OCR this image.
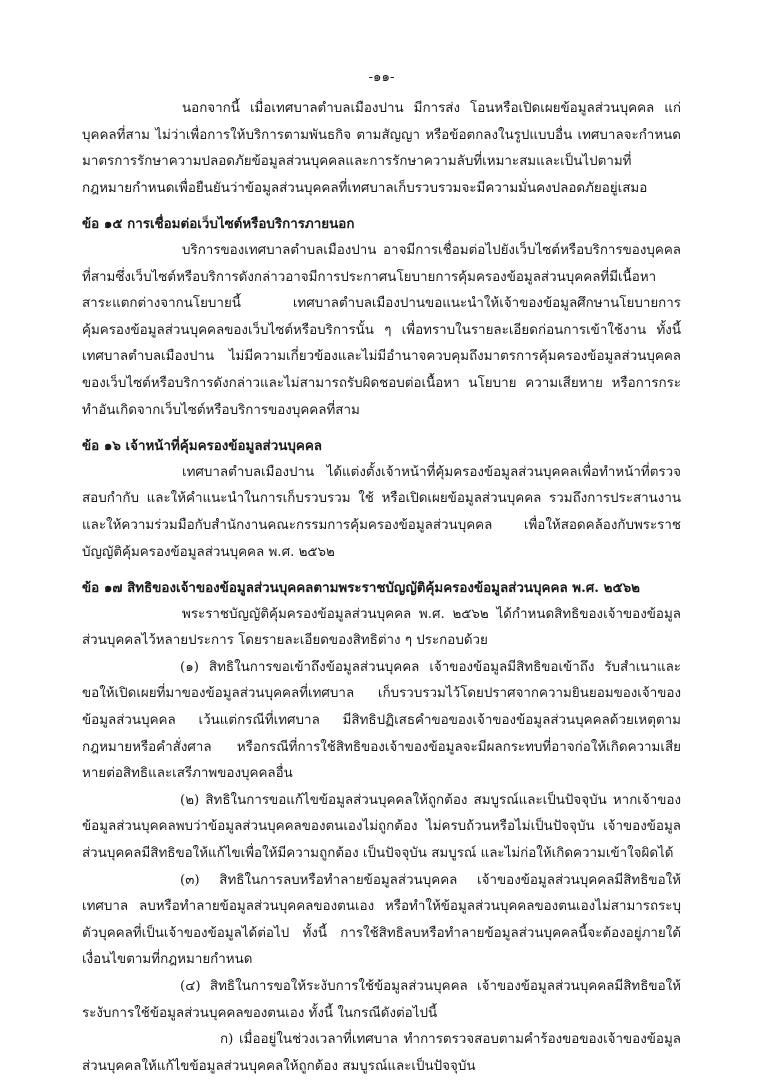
-๑๑-

นอกจากนี้ เมื่อเทศบาลตำบลเมืองปาน มีการส่ง โอนหรือเปิดเผยข้อมูลส่วนบุคคล แก่บุคคลที่สาม ไม่ว่าเพื่อการให้บริการตามพันธกิจ ตามสัญญา หรือข้อตกลงในรูปแบบอื่น เทศบาลจะกำหนดมาตรการรักษาความปลอดภัยข้อมูลส่วนบุคคลและการรักษาความลับที่เหมาะสมและเป็นไปตามที่กฎหมายกำหนดเพื่อยืนยันว่าข้อมูลส่วนบุคคลที่เทศบาลเก็บรวบรวมจะมีความมั่นคงปลอดภัยอยู่เสมอ

ข้อ ๑๕ การเชื่อมต่อเว็บไซต์หรือบริการภายนอก

บริการของเทศบาลตำบลเมืองปาน อาจมีการเชื่อมต่อไปยังเว็บไซต์หรือบริการของบุคคลที่สามซึ่งเว็บไซต์หรือบริการดังกล่าวอาจมีการประกาศนโยบายการคุ้มครองข้อมูลส่วนบุคคลที่มีเนื้อหาสาระแตกต่างจากนโยบายนี้ เทศบาลตำบลเมืองปานขอแนะนำให้เจ้าของข้อมูลศึกษานโยบายการคุ้มครองข้อมูลส่วนบุคคลของเว็บไซต์หรือบริการนั้น ๆ เพื่อทราบในรายละเอียดก่อนการเข้าใช้งาน ทั้งนี้ เทศบาลตำบลเมืองปาน ไม่มีความเกี่ยวข้องและไม่มีอำนาจควบคุมถึงมาตรการคุ้มครองข้อมูลส่วนบุคคลของเว็บไซต์หรือบริการดังกล่าวและไม่สามารถรับผิดชอบต่อเนื้อหา นโยบาย ความเสียหาย หรือการกระทำอันเกิดจากเว็บไซต์หรือบริการของบุคคลที่สาม

ข้อ ๑๖ เจ้าหน้าที่คุ้มครองข้อมูลส่วนบุคคล

เทศบาลตำบลเมืองปาน ได้แต่งตั้งเจ้าหน้าที่คุ้มครองข้อมูลส่วนบุคคลเพื่อทำหน้าที่ตรวจสอบกำกับ และให้คำแนะนำในการเก็บรวบรวม ใช้ หรือเปิดเผยข้อมูลส่วนบุคคล รวมถึงการประสานงานและให้ความร่วมมือกับสำนักงานคณะกรรมการคุ้มครองข้อมูลส่วนบุคคล เพื่อให้สอดคล้องกับพระราชบัญญัติคุ้มครองข้อมูลส่วนบุคคล พ.ศ. ๒๕๖๒

ข้อ ๑๗ สิทธิของเจ้าของข้อมูลส่วนบุคคลตามพระราชบัญญัติคุ้มครองข้อมูลส่วนบุคคล พ.ศ. ๒๕๖๒

พระราชบัญญัติคุ้มครองข้อมูลส่วนบุคคล พ.ศ. ๒๕๖๒ ได้กำหนดสิทธิของเจ้าของข้อมูลส่วนบุคคลไว้หลายประการ โดยรายละเอียดของสิทธิต่าง ๆ ประกอบด้วย

(๑) สิทธิในการขอเข้าถึงข้อมูลส่วนบุคคล เจ้าของข้อมูลมีสิทธิขอเข้าถึง รับสำเนาและขอให้เปิดเผยที่มาของข้อมูลส่วนบุคคลที่เทศบาล เก็บรวบรวมไว้โดยปราศจากความยินยอมของเจ้าของข้อมูลส่วนบุคคล เว้นแต่กรณีที่เทศบาล มีสิทธิปฏิเสธคำขอของเจ้าของข้อมูลส่วนบุคคลด้วยเหตุตามกฎหมายหรือคำสั่งศาล หรือกรณีที่การใช้สิทธิของเจ้าของข้อมูลจะมีผลกระทบที่อาจก่อให้เกิดความเสียหายต่อสิทธิและเสรีภาพของบุคคลอื่น

(๒) สิทธิในการขอแก้ไขข้อมูลส่วนบุคคลให้ถูกต้อง สมบูรณ์และเป็นปัจจุบัน หากเจ้าของข้อมูลส่วนบุคคลพบว่าข้อมูลส่วนบุคคลของตนเองไม่ถูกต้อง ไม่ครบถ้วนหรือไม่เป็นปัจจุบัน เจ้าของข้อมูลส่วนบุคคลมีสิทธิขอให้แก้ไขเพื่อให้มีความถูกต้อง เป็นปัจจุบัน สมบูรณ์ และไม่ก่อให้เกิดความเข้าใจผิดได้

(๓) สิทธิในการลบหรือทำลายข้อมูลส่วนบุคคล เจ้าของข้อมูลส่วนบุคคลมีสิทธิขอให้เทศบาล ลบหรือทำลายข้อมูลส่วนบุคคลของตนเอง หรือทำให้ข้อมูลส่วนบุคคลของตนเองไม่สามารถระบุตัวบุคคลที่เป็นเจ้าของข้อมูลได้ต่อไป ทั้งนี้ การใช้สิทธิลบหรือทำลายข้อมูลส่วนบุคคลนี้จะต้องอยู่ภายใต้เงื่อนไขตามที่กฎหมายกำหนด

(๔) สิทธิในการขอให้ระงับการใช้ข้อมูลส่วนบุคคล เจ้าของข้อมูลส่วนบุคคลมีสิทธิขอให้ระงับการใช้ข้อมูลส่วนบุคคลของตนเอง ทั้งนี้ ในกรณีดังต่อไปนี้

ก) เมื่ออยู่ในช่วงเวลาที่เทศบาล ทำการตรวจสอบตามคำร้องขอของเจ้าของข้อมูลส่วนบุคคลให้แก้ไขข้อมูลส่วนบุคคลให้ถูกต้อง สมบูรณ์และเป็นปัจจุบัน
